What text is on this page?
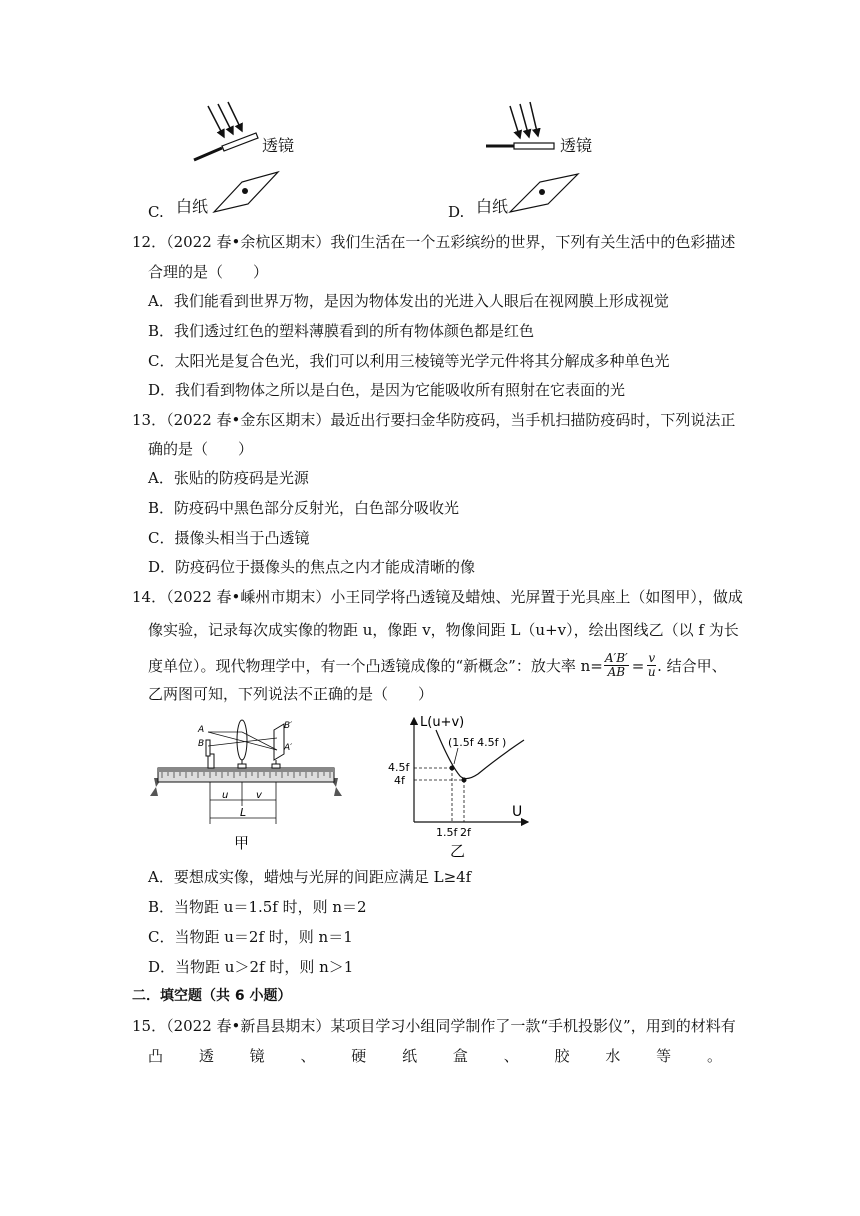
透镜
C. 白纸
透镜
D. 白纸
12．（2022 春•余杭区期末）我们生活在一个五彩缤纷的世界，下列有关生活中的色彩描述
合理的是（　　）
A．我们能看到世界万物，是因为物体发出的光进入人眼后在视网膜上形成视觉
B．我们透过红色的塑料薄膜看到的所有物体颜色都是红色
C．太阳光是复合色光，我们可以利用三棱镜等光学元件将其分解成多种单色光
D．我们看到物体之所以是白色，是因为它能吸收所有照射在它表面的光
13．（2022 春•金东区期末）最近出行要扫金华防疫码，当手机扫描防疫码时，下列说法正
确的是（　　）
A．张贴的防疫码是光源
B．防疫码中黑色部分反射光，白色部分吸收光
C．摄像头相当于凸透镜
D．防疫码位于摄像头的焦点之内才能成清晰的像
14．（2022 春•嵊州市期末）小王同学将凸透镜及蜡烛、光屏置于光具座上（如图甲），做成
像实验，记录每次成实像的物距 u，像距 v，物像间距 L（u+v），绘出图线乙（以 f 为长
度单位）。现代物理学中，有一个凸透镜成像的“新概念”：放大率 $n= \frac{A'B'}{AB} = \frac{v}{u}$ . 结合甲、
乙两图可知，下列说法不正确的是（　　）
A
B
B′
A′
u	v
L
甲
L(u+v)
U
(1.5f 4.5f )
4.5f
4f
1.5f 2f
乙
A．要想成实像，蜡烛与光屏的间距应满足 L≥4f
B．当物距 u＝1.5f 时，则 n＝2
C．当物距 u＝2f 时，则 n＝1
D．当物距 u＞2f 时，则 n＞1
二．填空题（共 6 小题）
15．（2022 春•新昌县期末）某项目学习小组同学制作了一款“手机投影仪”，用到的材料有
凸 透 镜 、 硬 纸 盒 、 胶 水 等 。
